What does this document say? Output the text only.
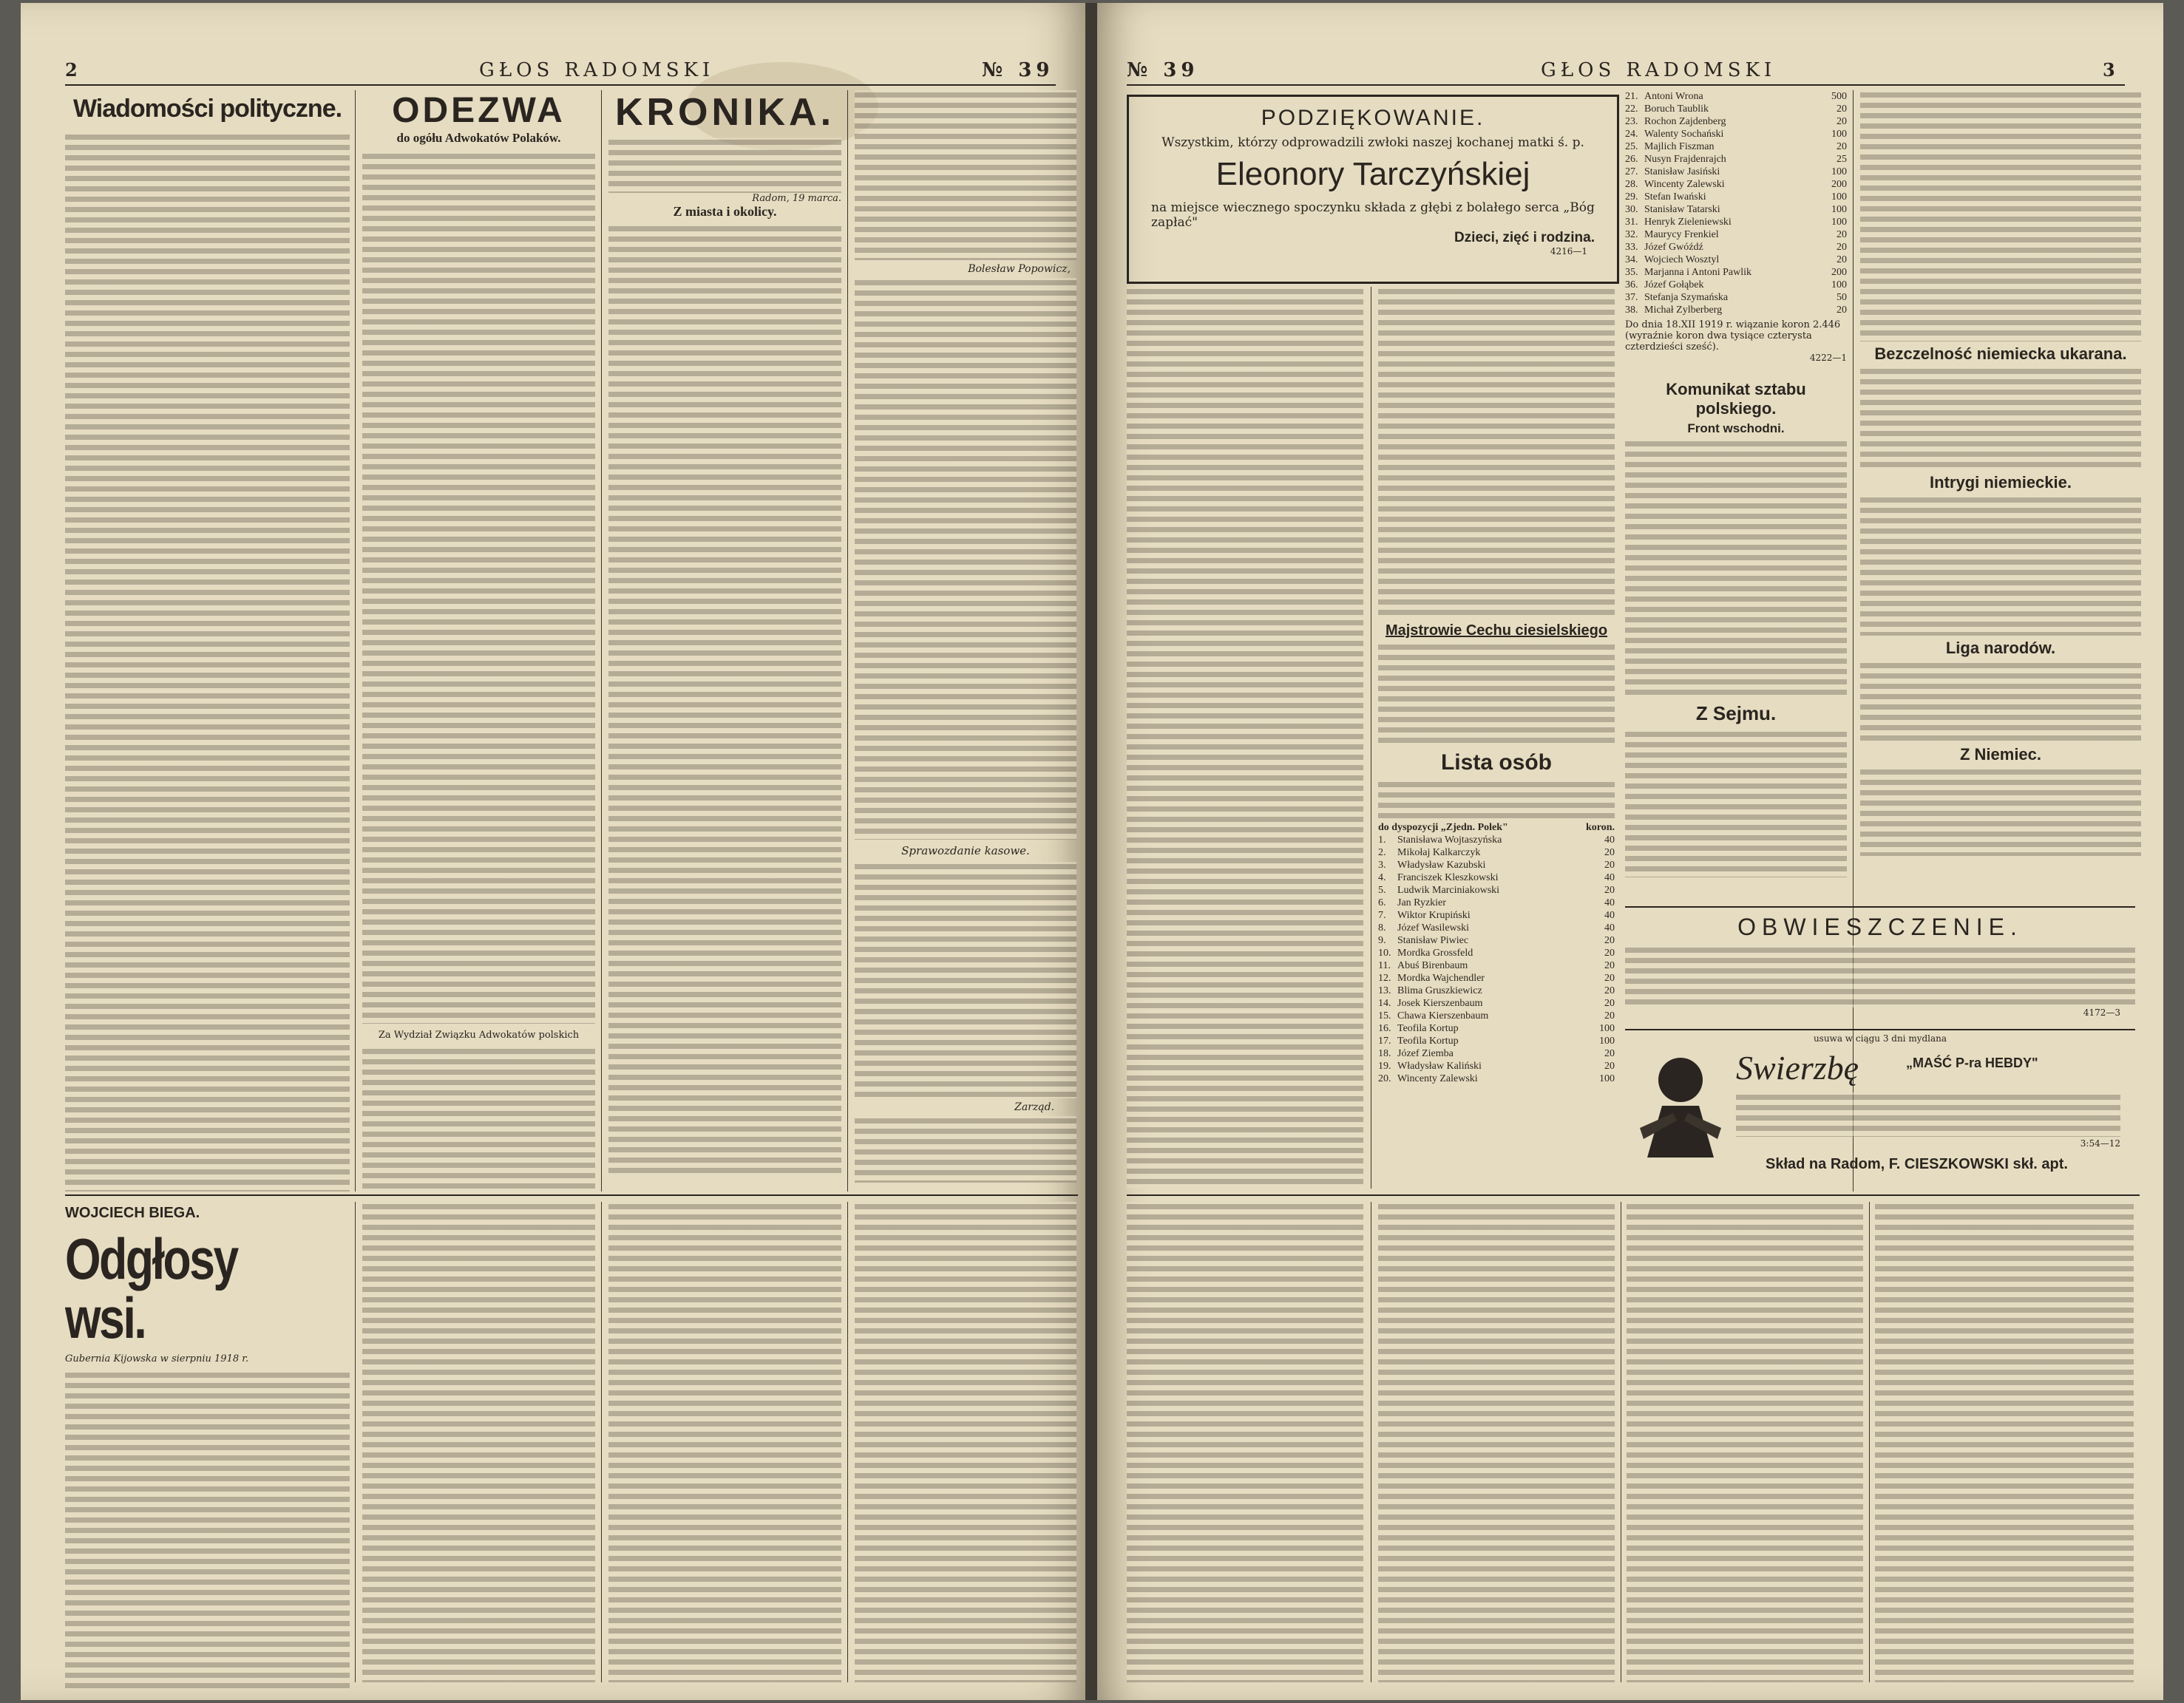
2	GŁOS RADOMSKI	№ 39
Wiadomości polityczne.	ODEZWA
do ogółu Adwokatów Polaków.
Za Wydział Związku Adwokatów polskich
KRONIKA.
Radom, 19 marca.
Z miasta i okolicy.
Bolesław Popowicz,
Sprawozdanie kasowe.
Zarząd.
WOJCIECH BIEGA.
Odgłosy wsi.
Gubernia Kijowska w sierpniu 1918 r.
№ 39	GŁOS RADOMSKI	3
PODZIĘKOWANIE.
Wszystkim, którzy odprowadzili zwłoki naszej kochanej matki ś. p.
Eleonory Tarczyńskiej
na miejsce wiecznego spoczynku składa z głębi z bolałego serca „Bóg zapłać"
Dzieci, zięć i rodzina.
4216—1
21. Antoni Wrona	500
22. Boruch Taublik	20
23. Rochon Zajdenberg	20
24. Walenty Sochański	100
25. Majlich Fiszman	20
26. Nusyn Frajdenrajch	25
27. Stanisław Jasiński	100
28. Wincenty Zalewski	200
29. Stefan Iwański	100
30. Stanisław Tatarski	100
31. Henryk Zieleniewski	100
32. Maurycy Frenkiel	20
33. Józef Gwóźdź	20
34. Wojciech Wosztyl	20
35. Marjanna i Antoni Pawlik	200
36. Józef Gołąbek	100
37. Stefanja Szymańska	50
38. Michał Zylberberg	20
Do dnia 18.XII 1919 r. wiązanie koron 2.446 (wyraźnie koron dwa tysiące czterysta czterdzieści sześć).
4222—1
Majstrowie Cechu ciesielskiego
Lista osób
do dyspozycji „Zjedn. Polek"	koron.
1.	Stanisława Wojtaszyńska	40
2.	Mikołaj Kalkarczyk	20
3.	Władysław Kazubski	20
4.	Franciszek Kleszkowski	40
5.	Ludwik Marciniakowski	20
6.	Jan Ryzkier	40
7.	Wiktor Krupiński	40
8.	Józef Wasilewski	40
9.	Stanisław Piwiec	20
10. Mordka Grossfeld	20
11. Abuś Birenbaum	20
12. Mordka Wajchendler	20
13. Blima Gruszkiewicz	20
14. Josek Kierszenbaum	20
15. Chawa Kierszenbaum	20
16. Teofila Kortup	100
17. Teofila Kortup	100
18. Józef Ziemba	20
19. Władysław Kaliński	20
20. Wincenty Zalewski	100
Bezczelność niemiecka ukarana.
Intrygi niemieckie.
Liga narodów.
Z Niemiec.
Komunikat sztabu polskiego.
Front wschodni.
Z Sejmu.
OBWIESZCZENIE.
4172—3
usuwa w ciągu 3 dni mydlana
Swierzbę	„MAŚĆ P-ra HEBDY"
3:54—12
Skład na Radom, F. CIESZKOWSKI skł. apt.
